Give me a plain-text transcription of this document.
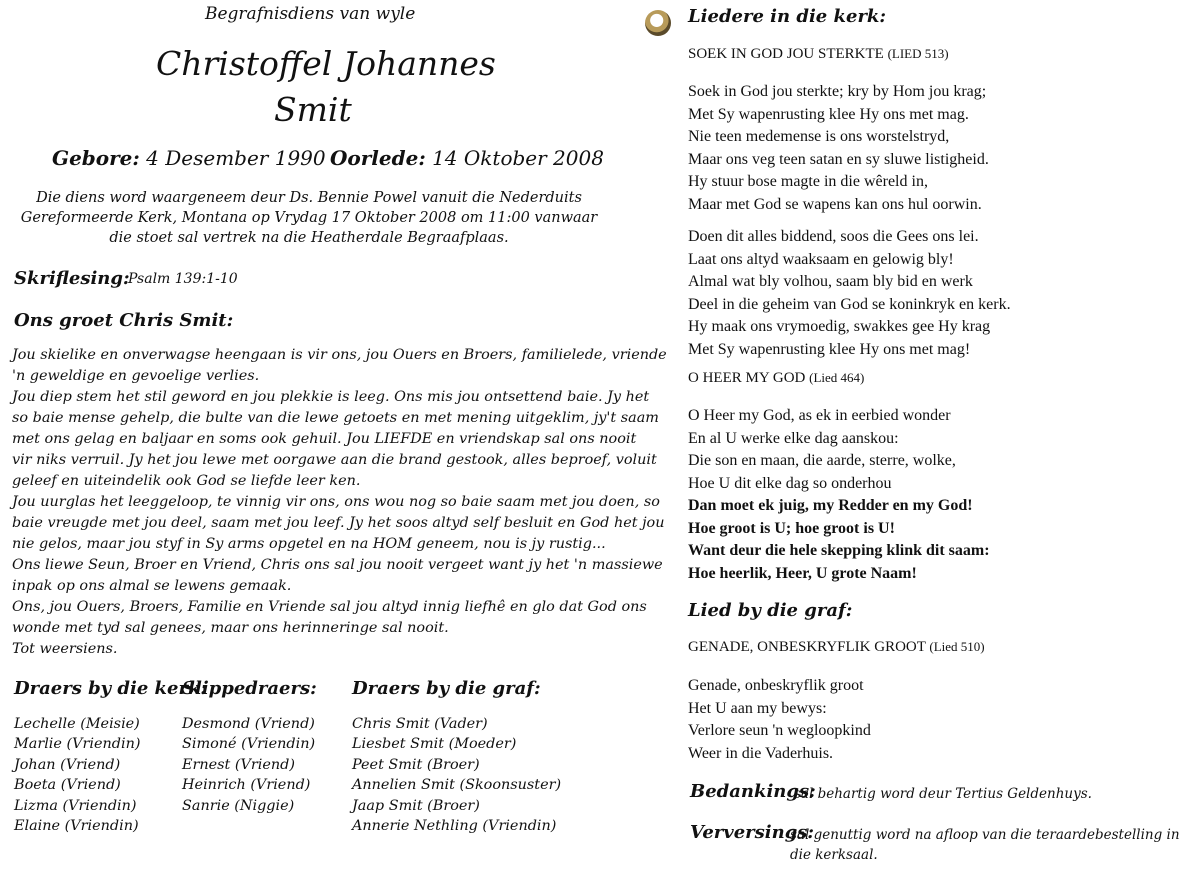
Begrafnisdiens van wyle
Christoffel Johannes
Smit
Gebore: 4 Desember 1990 Oorlede: 14 Oktober 2008
Die diens word waargeneem deur Ds. Bennie Powel vanuit die Nederduits Gereformeerde Kerk, Montana op Vrydag 17 Oktober 2008 om 11:00 vanwaar die stoet sal vertrek na die Heatherdale Begraafplaas.
Skriflesing:
Psalm 139:1-10
Ons groet Chris Smit:
Jou skielike en onverwagse heengaan is vir ons, jou Ouers en Broers, familielede, vriende
'n geweldige en gevoelige verlies.
Jou diep stem het stil geword en jou plekkie is leeg. Ons mis jou ontsettend baie. Jy het
so baie mense gehelp, die bulte van die lewe getoets en met mening uitgeklim, jy't saam
met ons gelag en baljaar en soms ook gehuil. Jou LIEFDE en vriendskap sal ons nooit
vir niks verruil. Jy het jou lewe met oorgawe aan die brand gestook, alles beproef, voluit
geleef en uiteindelik ook God se liefde leer ken.
Jou uurglas het leeggeloop, te vinnig vir ons, ons wou nog so baie saam met jou doen, so
baie vreugde met jou deel, saam met jou leef. Jy het soos altyd self besluit en God het jou
nie gelos, maar jou styf in Sy arms opgetel en na HOM geneem, nou is jy rustig...
Ons liewe Seun, Broer en Vriend, Chris ons sal jou nooit vergeet want jy het 'n massiewe
inpak op ons almal se lewens gemaak.
Ons, jou Ouers, Broers, Familie en Vriende sal jou altyd innig liefhê en glo dat God ons
wonde met tyd sal genees, maar ons herinneringe sal nooit.
Tot weersiens.
Draers by die kerk:
Slippedraers: Draers by die graf:
Lechelle (Meisie)
Marlie (Vriendin)
Johan (Vriend)
Boeta (Vriend)
Lizma (Vriendin)
Elaine (Vriendin)
Desmond (Vriend)
Simoné (Vriendin)
Ernest (Vriend)
Heinrich (Vriend)
Sanrie (Niggie)
Chris Smit (Vader)
Liesbet Smit (Moeder)
Peet Smit (Broer)
Annelien Smit (Skoonsuster)
Jaap Smit (Broer)
Annerie Nethling (Vriendin)
Liedere in die kerk:
SOEK IN GOD JOU STERKTE (LIED 513)
Soek in God jou sterkte; kry by Hom jou krag;
Met Sy wapenrusting klee Hy ons met mag.
Nie teen medemense is ons worstelstryd,
Maar ons veg teen satan en sy sluwe listigheid.
Hy stuur bose magte in die wêreld in,
Maar met God se wapens kan ons hul oorwin.
Doen dit alles biddend, soos die Gees ons lei.
Laat ons altyd waaksaam en gelowig bly!
Almal wat bly volhou, saam bly bid en werk
Deel in die geheim van God se koninkryk en kerk.
Hy maak ons vrymoedig, swakkes gee Hy krag
Met Sy wapenrusting klee Hy ons met mag!
O HEER MY GOD (Lied 464)
O Heer my God, as ek in eerbied wonder
En al U werke elke dag aanskou:
Die son en maan, die aarde, sterre, wolke,
Hoe U dit elke dag so onderhou
Dan moet ek juig, my Redder en my God!
Hoe groot is U; hoe groot is U!
Want deur die hele skepping klink dit saam:
Hoe heerlik, Heer, U grote Naam!
Lied by die graf:
GENADE, ONBESKRYFLIK GROOT (Lied 510)
Genade, onbeskryflik groot
Het U aan my bewys:
Verlore seun 'n wegloopkind
Weer in die Vaderhuis.
Bedankings:
sal behartig word deur Tertius Geldenhuys.
Verversings:
sal genuttig word na afloop van die teraardebestelling in die kerksaal.
